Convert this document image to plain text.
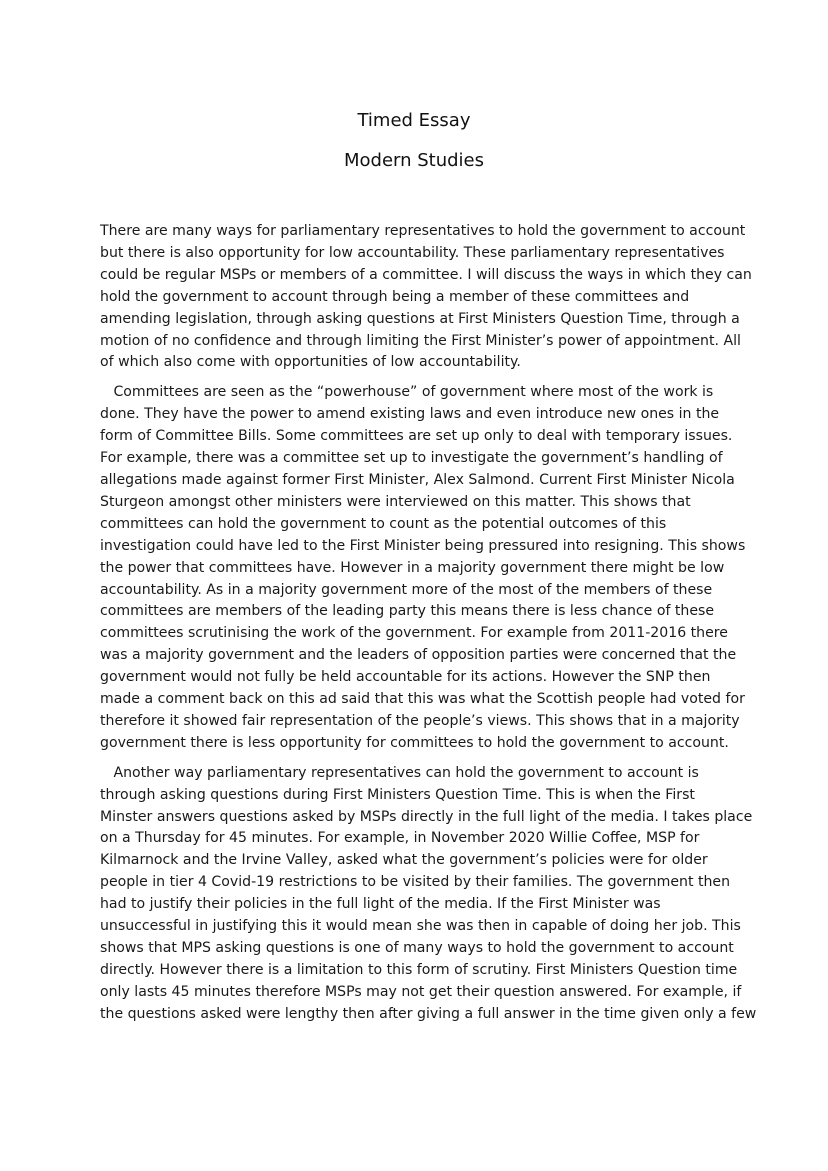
Timed Essay
Modern Studies

There are many ways for parliamentary representatives to hold the government to account
but there is also opportunity for low accountability. These parliamentary representatives
could be regular MSPs or members of a committee. I will discuss the ways in which they can
hold the government to account through being a member of these committees and
amending legislation, through asking questions at First Ministers Question Time, through a
motion of no confidence and through limiting the First Minister’s power of appointment. All
of which also come with opportunities of low accountability.

Committees are seen as the “powerhouse” of government where most of the work is
done. They have the power to amend existing laws and even introduce new ones in the
form of Committee Bills. Some committees are set up only to deal with temporary issues.
For example, there was a committee set up to investigate the government’s handling of
allegations made against former First Minister, Alex Salmond. Current First Minister Nicola
Sturgeon amongst other ministers were interviewed on this matter. This shows that
committees can hold the government to count as the potential outcomes of this
investigation could have led to the First Minister being pressured into resigning. This shows
the power that committees have. However in a majority government there might be low
accountability. As in a majority government more of the most of the members of these
committees are members of the leading party this means there is less chance of these
committees scrutinising the work of the government. For example from 2011-2016 there
was a majority government and the leaders of opposition parties were concerned that the
government would not fully be held accountable for its actions. However the SNP then
made a comment back on this ad said that this was what the Scottish people had voted for
therefore it showed fair representation of the people’s views. This shows that in a majority
government there is less opportunity for committees to hold the government to account.

Another way parliamentary representatives can hold the government to account is
through asking questions during First Ministers Question Time. This is when the First
Minster answers questions asked by MSPs directly in the full light of the media. I takes place
on a Thursday for 45 minutes. For example, in November 2020 Willie Coffee, MSP for
Kilmarnock and the Irvine Valley, asked what the government’s policies were for older
people in tier 4 Covid-19 restrictions to be visited by their families. The government then
had to justify their policies in the full light of the media. If the First Minister was
unsuccessful in justifying this it would mean she was then in capable of doing her job. This
shows that MPS asking questions is one of many ways to hold the government to account
directly. However there is a limitation to this form of scrutiny. First Ministers Question time
only lasts 45 minutes therefore MSPs may not get their question answered. For example, if
the questions asked were lengthy then after giving a full answer in the time given only a few
